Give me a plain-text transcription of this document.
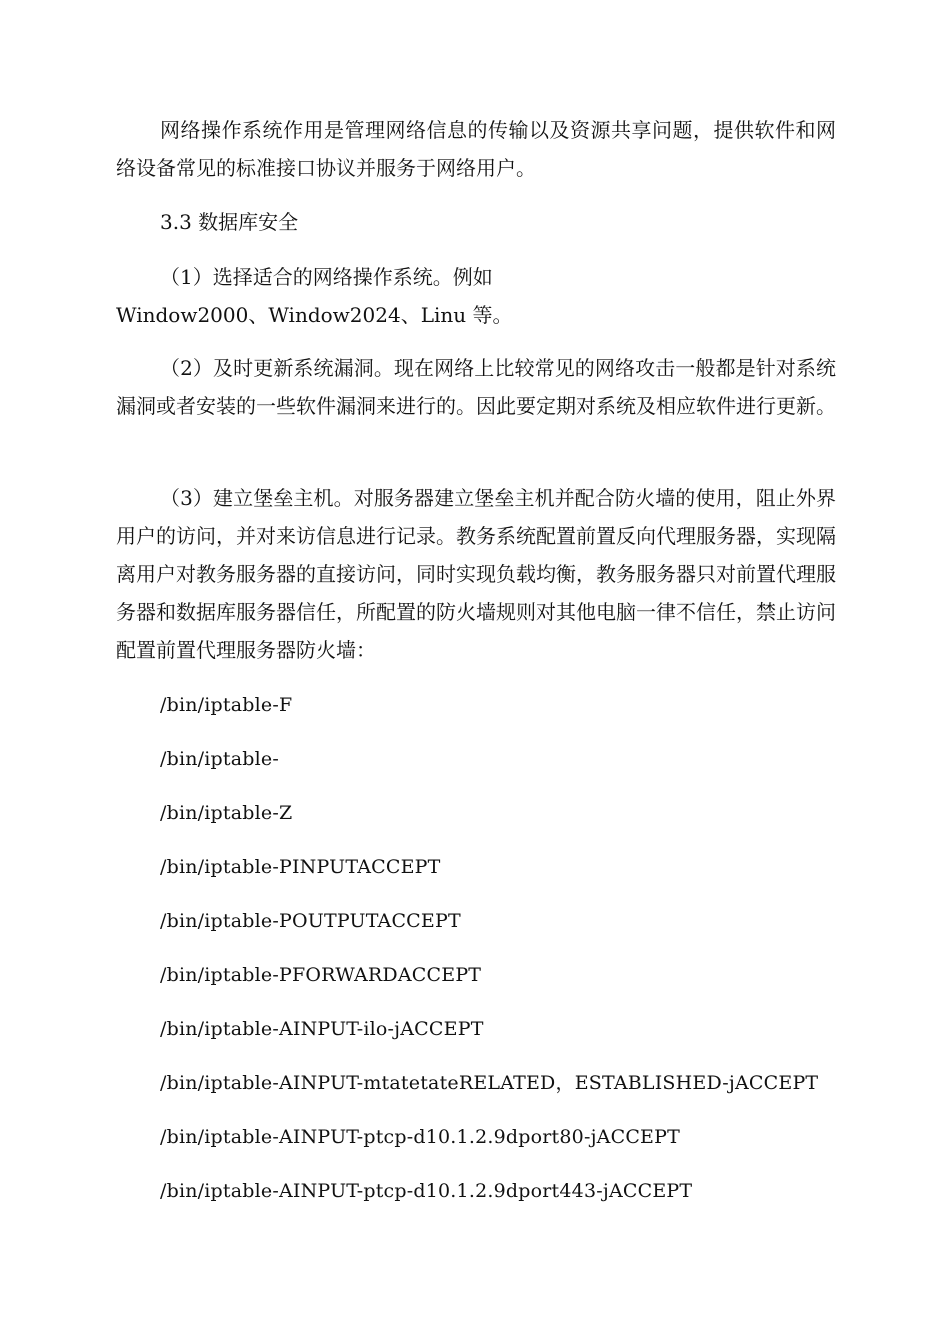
网络操作系统作用是管理网络信息的传输以及资源共享问题，提供软件和网络设备常见的标准接口协议并服务于网络用户。

3.3 数据库安全

（1）选择适合的网络操作系统。例如

Window2000、Window2024、Linu 等。

（2）及时更新系统漏洞。现在网络上比较常见的网络攻击一般都是针对系统漏洞或者安装的一些软件漏洞来进行的。因此要定期对系统及相应软件进行更新。

（3）建立堡垒主机。对服务器建立堡垒主机并配合防火墙的使用，阻止外界用户的访问，并对来访信息进行记录。教务系统配置前置反向代理服务器，实现隔离用户对教务服务器的直接访问，同时实现负载均衡，教务服务器只对前置代理服务器和数据库服务器信任，所配置的防火墙规则对其他电脑一律不信任，禁止访问配置前置代理服务器防火墙：

/bin/iptable-F

/bin/iptable-

/bin/iptable-Z

/bin/iptable-PINPUTACCEPT

/bin/iptable-POUTPUTACCEPT

/bin/iptable-PFORWARDACCEPT

/bin/iptable-AINPUT-ilo-jACCEPT

/bin/iptable-AINPUT-mtatetateRELATED，ESTABLISHED-jACCEPT

/bin/iptable-AINPUT-ptcp-d10.1.2.9dport80-jACCEPT

/bin/iptable-AINPUT-ptcp-d10.1.2.9dport443-jACCEPT
